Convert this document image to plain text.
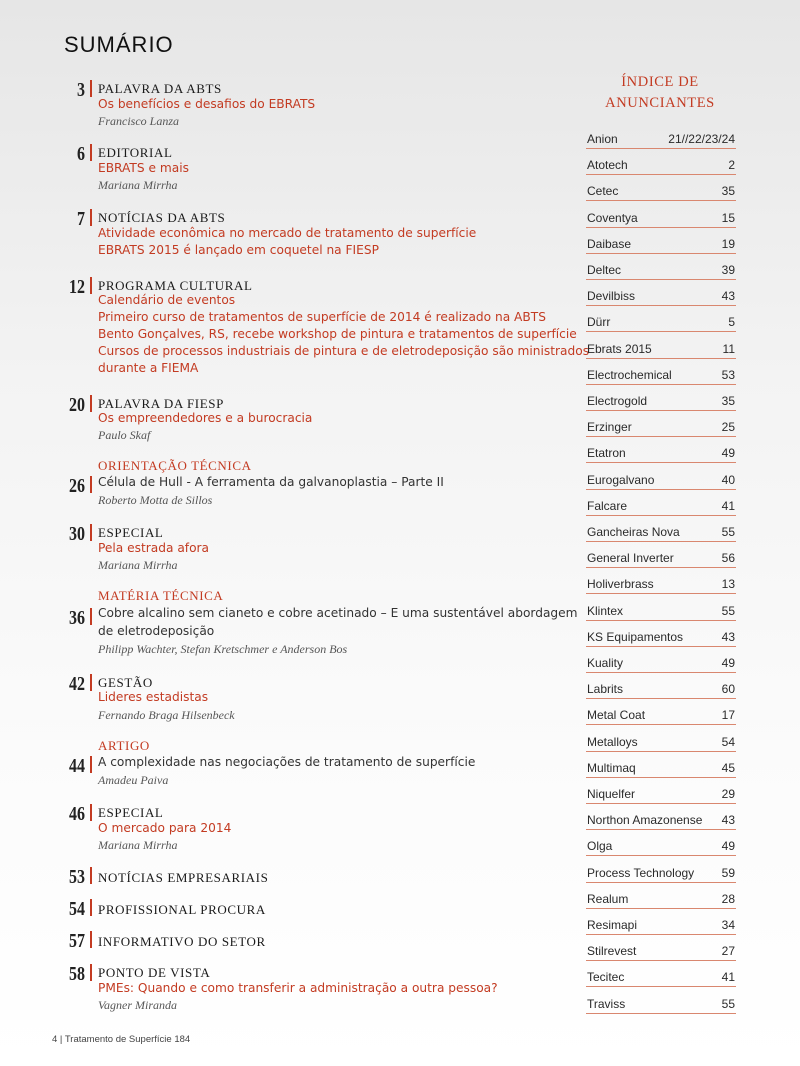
SUMÁRIO
3 PALAVRA DA ABTS
Os benefícios e desafios do EBRATS
Francisco Lanza
6 EDITORIAL
EBRATS e mais
Mariana Mirrha
7 NOTÍCIAS DA ABTS
Atividade econômica no mercado de tratamento de superfície
EBRATS 2015 é lançado em coquetel na FIESP
12 PROGRAMA CULTURAL
Calendário de eventos
Primeiro curso de tratamentos de superfície de 2014 é realizado na ABTS
Bento Gonçalves, RS, recebe workshop de pintura e tratamentos de superfície
Cursos de processos industriais de pintura e de eletrodeposição são ministrados
durante a FIEMA
20 PALAVRA DA FIESP
Os empreendedores e a burocracia
Paulo Skaf
ORIENTAÇÃO TÉCNICA
26 Célula de Hull - A ferramenta da galvanoplastia – Parte II
Roberto Motta de Sillos
30 ESPECIAL
Pela estrada afora
Mariana Mirrha
MATÉRIA TÉCNICA
36 Cobre alcalino sem cianeto e cobre acetinado – E uma sustentável abordagem
de eletrodeposição
Philipp Wachter, Stefan Kretschmer e Anderson Bos
42 GESTÃO
Lideres estadistas
Fernando Braga Hilsenbeck
ARTIGO
44 A complexidade nas negociações de tratamento de superfície
Amadeu Paiva
46 ESPECIAL
O mercado para 2014
Mariana Mirrha
53 NOTÍCIAS EMPRESARIAIS
54 PROFISSIONAL PROCURA
57 INFORMATIVO DO SETOR
58 PONTO DE VISTA
PMEs: Quando e como transferir a administração a outra pessoa?
Vagner Miranda
ÍNDICE DE
ANUNCIANTES
Anion	21//22/23/24
Atotech	2
Cetec	35
Coventya	15
Daibase	19
Deltec	39
Devilbiss	43
Dürr	5
Ebrats 2015	11
Electrochemical	53
Electrogold	35
Erzinger	25
Etatron	49
Eurogalvano	40
Falcare	41
Gancheiras Nova	55
General Inverter	56
Holiverbrass	13
Klintex	55
KS Equipamentos	43
Kuality	49
Labrits	60
Metal Coat	17
Metalloys	54
Multimaq	45
Niquelfer	29
Northon Amazonense 43
Olga	49
Process Technology 59
Realum	28
Resimapi	34
Stilrevest	27
Tecitec	41
Traviss	55
4 | Tratamento de Superfície 184
